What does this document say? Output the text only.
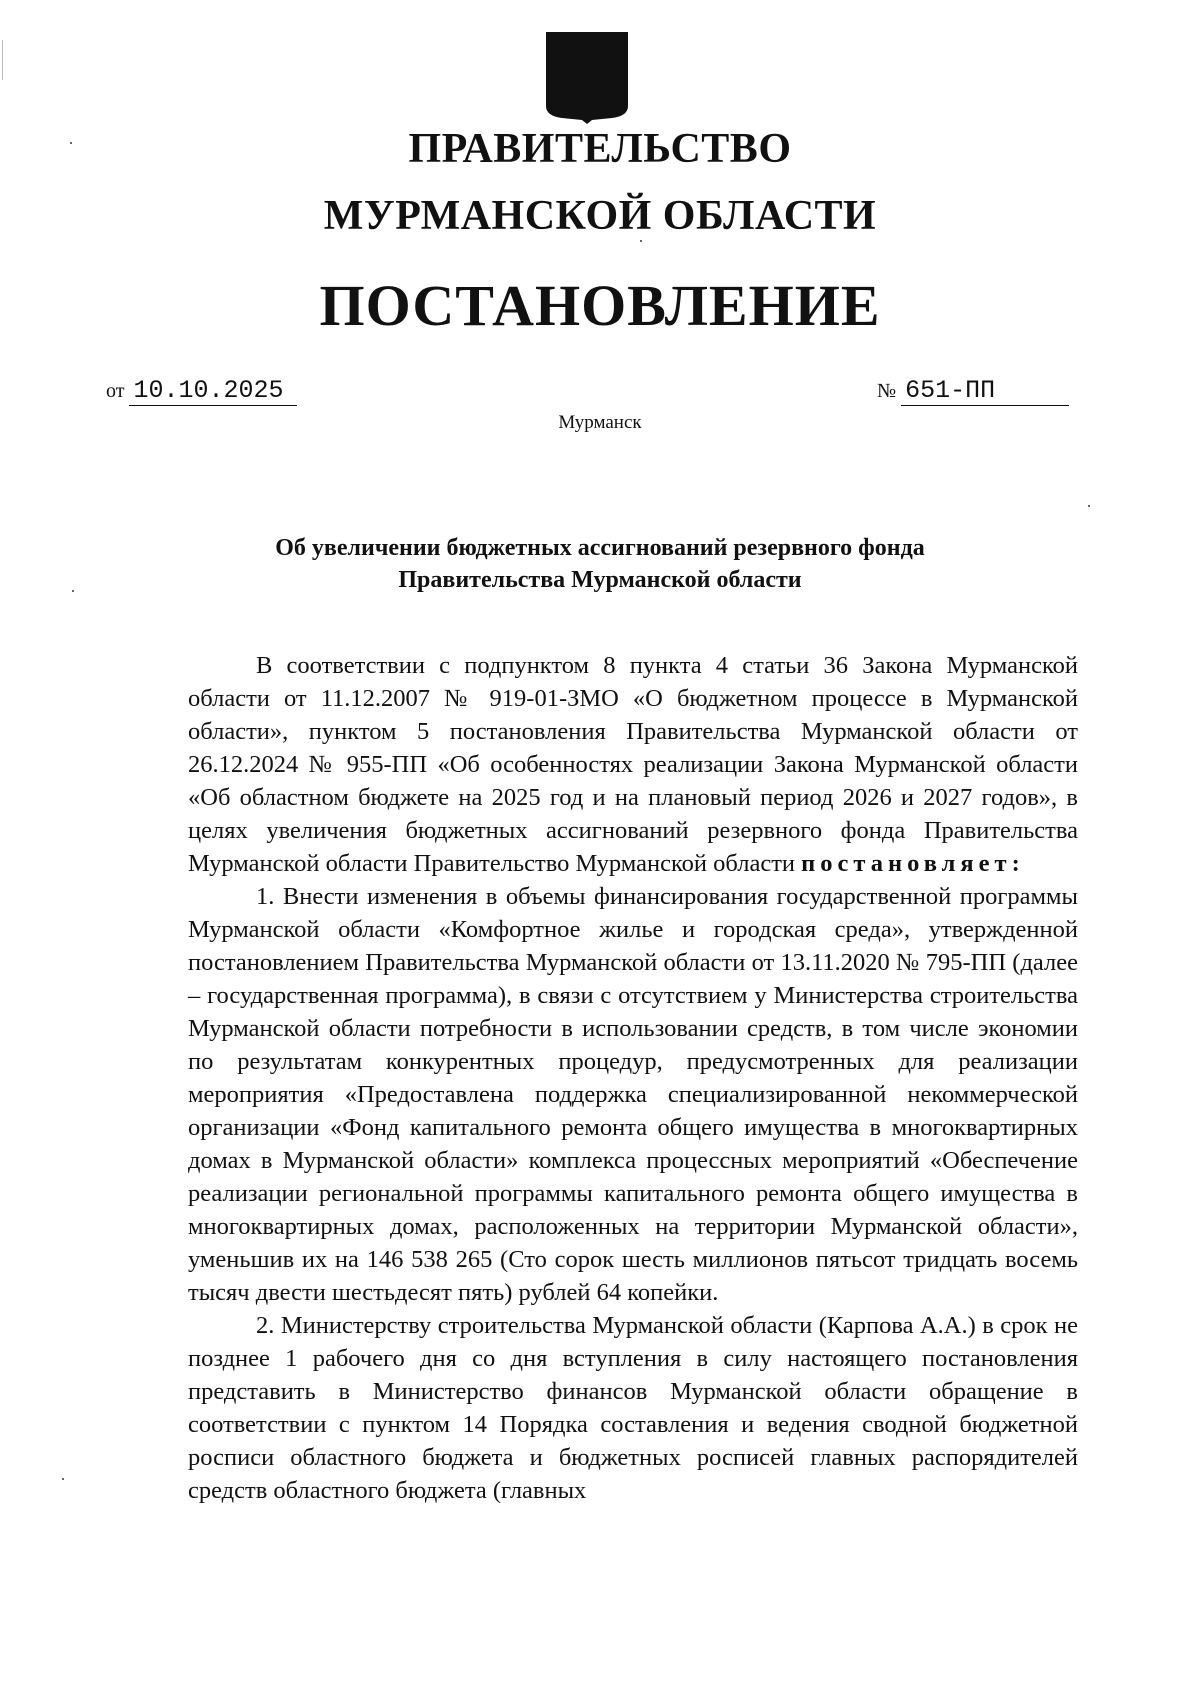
ПРАВИТЕЛЬСТВО
МУРМАНСКОЙ ОБЛАСТИ
ПОСТАНОВЛЕНИЕ
от 10.10.2025	№ 651-ПП
Мурманск
Об увеличении бюджетных ассигнований резервного фонда
Правительства Мурманской области

В соответствии с подпунктом 8 пункта 4 статьи 36 Закона Мурманской области от 11.12.2007 № 919-01-ЗМО «О бюджетном процессе в Мурманской области», пунктом 5 постановления Правительства Мурманской области от 26.12.2024 № 955-ПП «Об особенностях реализации Закона Мурманской области «Об областном бюджете на 2025 год и на плановый период 2026 и 2027 годов», в целях увеличения бюджетных ассигнований резервного фонда Правительства Мурманской области Правительство Мурманской области постановляет:

1. Внести изменения в объемы финансирования государственной программы Мурманской области «Комфортное жилье и городская среда», утвержденной постановлением Правительства Мурманской области от 13.11.2020 № 795-ПП (далее – государственная программа), в связи с отсутствием у Министерства строительства Мурманской области потребности в использовании средств, в том числе экономии по результатам конкурентных процедур, предусмотренных для реализации мероприятия «Предоставлена поддержка специализированной некоммерческой организации «Фонд капитального ремонта общего имущества в многоквартирных домах в Мурманской области» комплекса процессных мероприятий «Обеспечение реализации региональной программы капитального ремонта общего имущества в многоквартирных домах, расположенных на территории Мурманской области», уменьшив их на 146 538 265 (Сто сорок шесть миллионов пятьсот тридцать восемь тысяч двести шестьдесят пять) рублей 64 копейки.

2. Министерству строительства Мурманской области (Карпова А.А.) в срок не позднее 1 рабочего дня со дня вступления в силу настоящего постановления представить в Министерство финансов Мурманской области обращение в соответствии с пунктом 14 Порядка составления и ведения сводной бюджетной росписи областного бюджета и бюджетных росписей главных распорядителей средств областного бюджета (главных
